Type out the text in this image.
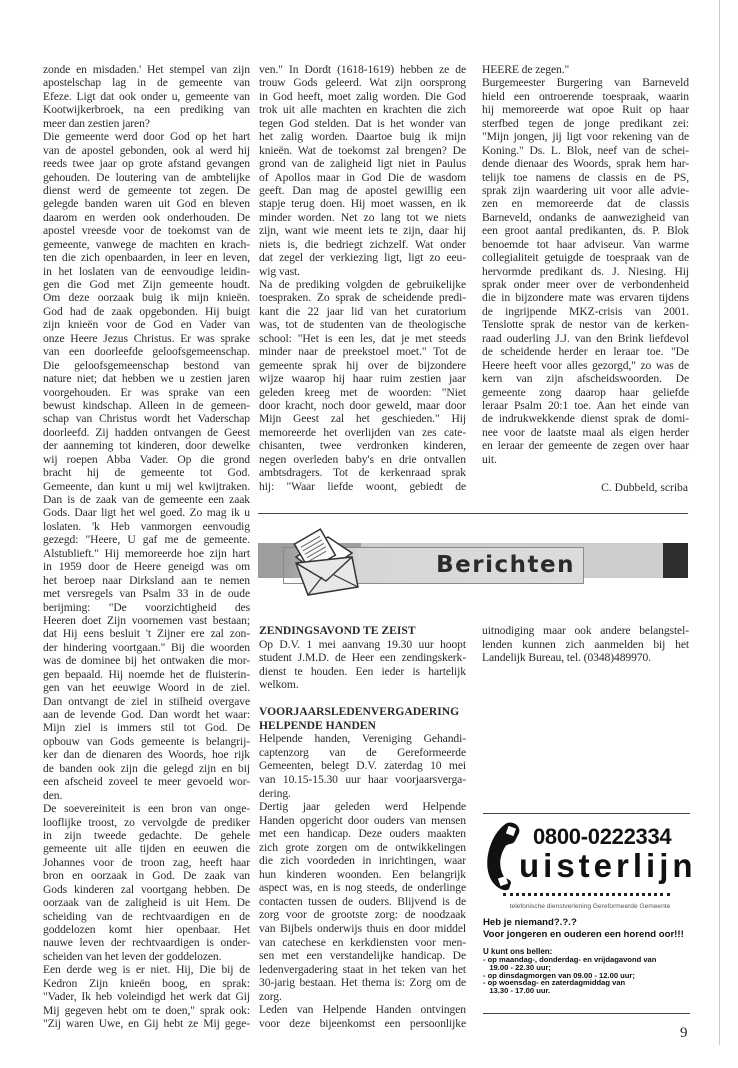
zonde en misdaden.' Het stempel van zijn
apostelschap lag in de gemeente van
Efeze. Ligt dat ook onder u, gemeente van
Kootwijkerbroek, na een prediking van
meer dan zestien jaren?
Die gemeente werd door God op het hart
van de apostel gebonden, ook al werd hij
reeds twee jaar op grote afstand gevangen
gehouden. De loutering van de ambtelijke
dienst werd de gemeente tot zegen. De
gelegde banden waren uit God en bleven
daarom en werden ook onderhouden. De
apostel vreesde voor de toekomst van de
gemeente, vanwege de machten en krach-
ten die zich openbaarden, in leer en leven,
in het loslaten van de eenvoudige leidin-
gen die God met Zijn gemeente houdt.
Om deze oorzaak buig ik mijn knieën.
God had de zaak opgebonden. Hij buigt
zijn knieën voor de God en Vader van
onze Heere Jezus Christus. Er was sprake
van een doorleefde geloofsgemeenschap.
Die geloofsgemeenschap bestond van
nature niet; dat hebben we u zestien jaren
voorgehouden. Er was sprake van een
bewust kindschap. Alleen in de gemeen-
schap van Christus wordt het Vaderschap
doorleefd. Zij hadden ontvangen de Geest
der aanneming tot kinderen, door dewelke
wij roepen Abba Vader. Op die grond
bracht hij de gemeente tot God.
Gemeente, dan kunt u mij wel kwijtraken.
Dan is de zaak van de gemeente een zaak
Gods. Daar ligt het wel goed. Zo mag ik u
loslaten. 'k Heb vanmorgen eenvoudig
gezegd: "Heere, U gaf me de gemeente.
Alstublieft." Hij memoreerde hoe zijn hart
in 1959 door de Heere geneigd was om
het beroep naar Dirksland aan te nemen
met versregels van Psalm 33 in de oude
berijming: "De voorzichtigheid des
Heeren doet Zijn voornemen vast bestaan;
dat Hij eens besluit 't Zijner ere zal zon-
der hindering voortgaan." Bij die woorden
was de dominee bij het ontwaken die mor-
gen bepaald. Hij noemde het de fluisterin-
gen van het eeuwige Woord in de ziel.
Dan ontvangt de ziel in stilheid overgave
aan de levende God. Dan wordt het waar:
Mijn ziel is immers stil tot God. De
opbouw van Gods gemeente is belangrij-
ker dan de dienaren des Woords, hoe rijk
de banden ook zijn die gelegd zijn en bij
een afscheid zoveel te meer gevoeld wor-
den.
De soevereiniteit is een bron van onge-
looflijke troost, zo vervolgde de prediker
in zijn tweede gedachte. De gehele
gemeente uit alle tijden en eeuwen die
Johannes voor de troon zag, heeft haar
bron en oorzaak in God. De zaak van
Gods kinderen zal voortgang hebben. De
oorzaak van de zaligheid is uit Hem. De
scheiding van de rechtvaardigen en de
goddelozen komt hier openbaar. Het
nauwe leven der rechtvaardigen is onder-
scheiden van het leven der goddelozen.
Een derde weg is er niet. Hij, Die bij de
Kedron Zijn knieën boog, en sprak:
"Vader, Ik heb voleindigd het werk dat Gij
Mij gegeven hebt om te doen," sprak ook:
"Zij waren Uwe, en Gij hebt ze Mij gege-
ven." In Dordt (1618-1619) hebben ze de
trouw Gods geleerd. Wat zijn oorsprong
in God heeft, moet zalig worden. Die God
trok uit alle machten en krachten die zich
tegen God stelden. Dat is het wonder van
het zalig worden. Daartoe buig ik mijn
knieën. Wat de toekomst zal brengen? De
grond van de zaligheid ligt niet in Paulus
of Apollos maar in God Die de wasdom
geeft. Dan mag de apostel gewillig een
stapje terug doen. Hij moet wassen, en ik
minder worden. Net zo lang tot we niets
zijn, want wie meent iets te zijn, daar hij
niets is, die bedriegt zichzelf. Wat onder
dat zegel der verkiezing ligt, ligt zo eeu-
wig vast.
Na de prediking volgden de gebruikelijke
toespraken. Zo sprak de scheidende predi-
kant die 22 jaar lid van het curatorium
was, tot de studenten van de theologische
school: "Het is een les, dat je met steeds
minder naar de preekstoel moet." Tot de
gemeente sprak hij over de bijzondere
wijze waarop hij haar ruim zestien jaar
geleden kreeg met de woorden: "Niet
door kracht, noch door geweld, maar door
Mijn Geest zal het geschieden." Hij
memoreerde het overlijden van zes cate-
chisanten, twee verdronken kinderen,
negen overleden baby's en drie ontvallen
ambtsdragers. Tot de kerkenraad sprak
hij: "Waar liefde woont, gebiedt de
HEERE de zegen."
Burgemeester Burgering van Barneveld
hield een ontroerende toespraak, waarin
hij memoreerde wat opoe Ruit op haar
sterfbed tegen de jonge predikant zei:
"Mijn jongen, jij ligt voor rekening van de
Koning." Ds. L. Blok, neef van de schei-
dende dienaar des Woords, sprak hem har-
telijk toe namens de classis en de PS,
sprak zijn waardering uit voor alle advie-
zen en memoreerde dat de classis
Barneveld, ondanks de aanwezigheid van
een groot aantal predikanten, ds. P. Blok
benoemde tot haar adviseur. Van warme
collegialiteit getuigde de toespraak van de
hervormde predikant ds. J. Niesing. Hij
sprak onder meer over de verbondenheid
die in bijzondere mate was ervaren tijdens
de ingrijpende MKZ-crisis van 2001.
Tenslotte sprak de nestor van de kerken-
raad ouderling J.J. van den Brink liefdevol
de scheidende herder en leraar toe. "De
Heere heeft voor alles gezorgd," zo was de
kern van zijn afscheidswoorden. De
gemeente zong daarop haar geliefde
leraar Psalm 20:1 toe. Aan het einde van
de indrukwekkende dienst sprak de domi-
nee voor de laatste maal als eigen herder
en leraar der gemeente de zegen over haar
uit.
C. Dubbeld, scriba
Berichten
ZENDINGSAVOND TE ZEIST
Op D.V. 1 mei aanvang 19.30 uur hoopt
student J.M.D. de Heer een zendingskerk-
dienst te houden. Een ieder is hartelijk
welkom.
VOORJAARSLEDENVERGADERING
HELPENDE HANDEN
Helpende handen, Vereniging Gehandi-
captenzorg van de Gereformeerde
Gemeenten, belegt D.V. zaterdag 10 mei
van 10.15-15.30 uur haar voorjaarsverga-
dering.
Dertig jaar geleden werd Helpende
Handen opgericht door ouders van mensen
met een handicap. Deze ouders maakten
zich grote zorgen om de ontwikkelingen
die zich voordeden in inrichtingen, waar
hun kinderen woonden. Een belangrijk
aspect was, en is nog steeds, de onderlinge
contacten tussen de ouders. Blijvend is de
zorg voor de grootste zorg: de noodzaak
van Bijbels onderwijs thuis en door middel
van catechese en kerkdiensten voor men-
sen met een verstandelijke handicap. De
ledenvergadering staat in het teken van het
30-jarig bestaan. Het thema is: Zorg om de
zorg.
Leden van Helpende Handen ontvingen
voor deze bijeenkomst een persoonlijke
uitnodiging maar ook andere belangstel-
lenden kunnen zich aanmelden bij het
Landelijk Bureau, tel. (0348)489970.
0800-0222334
uisterlijn
telefonische dienstverlening Gereformeerde Gemeente
Heb je niemand?.?.?
Voor jongeren en ouderen een horend oor!!!
U kunt ons bellen:
- op maandag-, donderdag- en vrijdagavond van
19.00 - 22.30 uur;
- op dinsdagmorgen van 09.00 - 12.00 uur;
- op woensdag- en zaterdagmiddag van
13.30 - 17.00 uur.
9
